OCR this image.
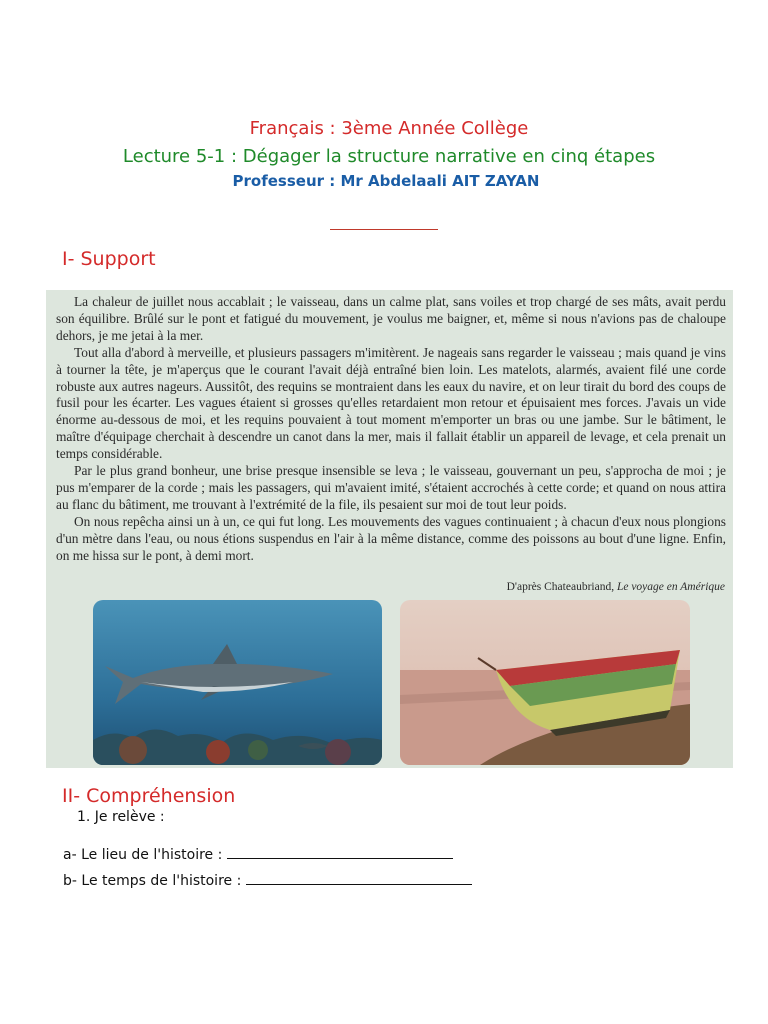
Français : 3ème Année Collège
Lecture 5-1 : Dégager la structure narrative en cinq étapes
Professeur : Mr Abdelaali AIT ZAYAN
I- Support

La chaleur de juillet nous accablait ; le vaisseau, dans un calme plat, sans voiles et trop chargé de ses mâts, avait perdu son équilibre. Brûlé sur le pont et fatigué du mouvement, je voulus me baigner, et, même si nous n'avions pas de chaloupe dehors, je me jetai à la mer.

Tout alla d'abord à merveille, et plusieurs passagers m'imitèrent. Je nageais sans regarder le vaisseau ; mais quand je vins à tourner la tête, je m'aperçus que le courant l'avait déjà entraîné bien loin. Les matelots, alarmés, avaient filé une corde robuste aux autres nageurs. Aussitôt, des requins se montraient dans les eaux du navire, et on leur tirait du bord des coups de fusil pour les écarter. Les vagues étaient si grosses qu'elles retardaient mon retour et épuisaient mes forces. J'avais un vide énorme au-dessous de moi, et les requins pouvaient à tout moment m'emporter un bras ou une jambe. Sur le bâtiment, le maître d'équipage cherchait à descendre un canot dans la mer, mais il fallait établir un appareil de levage, et cela prenait un temps considérable.

Par le plus grand bonheur, une brise presque insensible se leva ; le vaisseau, gouvernant un peu, s'approcha de moi ; je pus m'emparer de la corde ; mais les passagers, qui m'avaient imité, s'étaient accrochés à cette corde; et quand on nous attira au flanc du bâtiment, me trouvant à l'extrémité de la file, ils pesaient sur moi de tout leur poids.

On nous repêcha ainsi un à un, ce qui fut long. Les mouvements des vagues continuaient ; à chacun d'eux nous plongions d'un mètre dans l'eau, ou nous étions suspendus en l'air à la même distance, comme des poissons au bout d'une ligne. Enfin, on me hissa sur le pont, à demi mort.

D'après Chateaubriand, Le voyage en Amérique
II- Compréhension
1. Je relève :
a- Le lieu de l'histoire :
b- Le temps de l'histoire :
